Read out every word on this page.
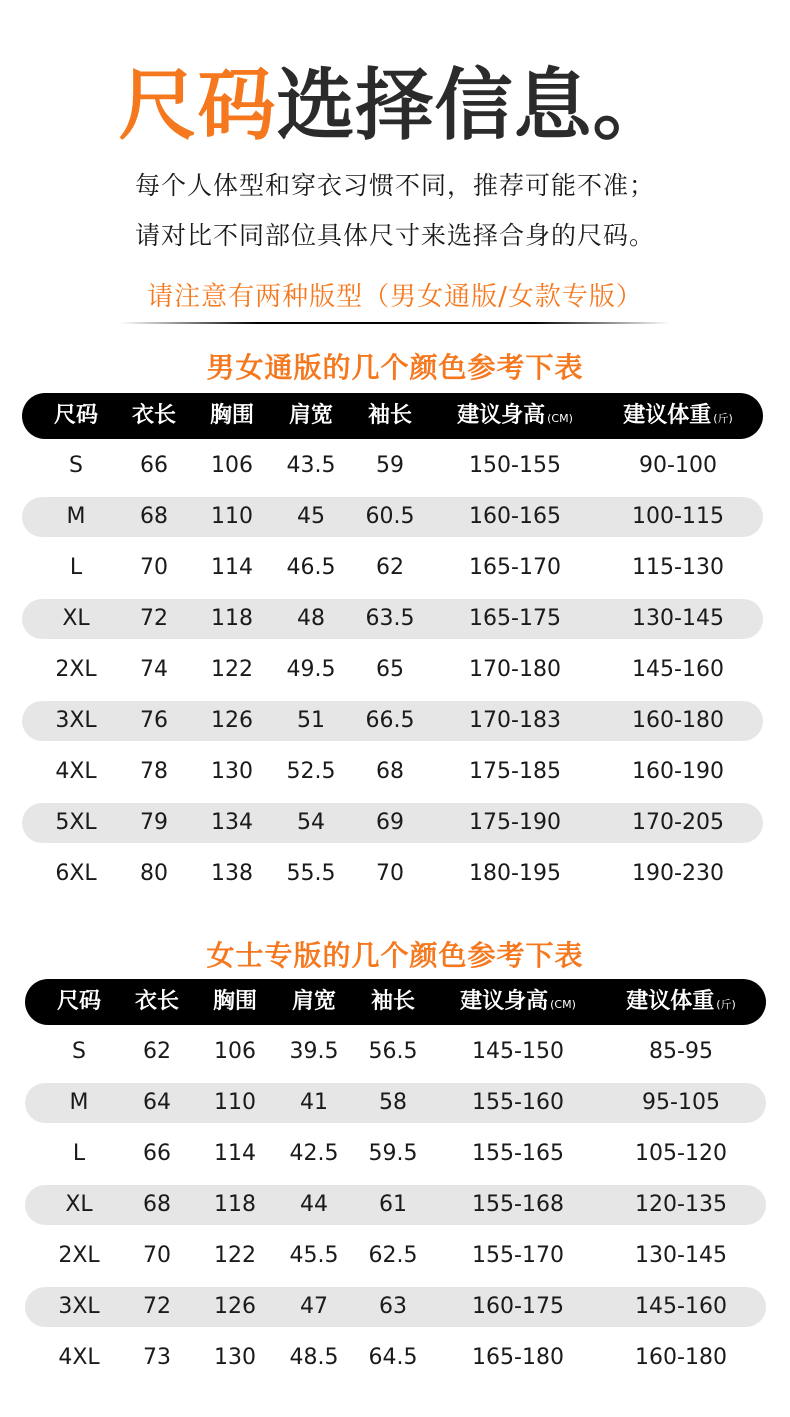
尺码选择信息。
每个人体型和穿衣习惯不同，推荐可能不准；
请对比不同部位具体尺寸来选择合身的尺码。
请注意有两种版型（男女通版/女款专版）
男女通版的几个颜色参考下表
尺码	衣长	胸围	肩宽	袖长	建议身高 (CM)	建议体重 (斤)
S	66	106	43.5	59	150-155	90-100
M	68	110	45	60.5	160-165	100-115
L	70	114	46.5	62	165-170	115-130
XL	72	118	48	63.5	165-175	130-145
2XL	74	122	49.5	65	170-180	145-160
3XL	76	126	51	66.5	170-183	160-180
4XL	78	130	52.5	68	175-185	160-190
5XL	79	134	54	69	175-190	170-205
6XL	80	138	55.5	70	180-195	190-230
女士专版的几个颜色参考下表
尺码	衣长	胸围	肩宽	袖长	建议身高 (CM)	建议体重 (斤)
S	62	106	39.5	56.5	145-150	85-95
M	64	110	41	58	155-160	95-105
L	66	114	42.5	59.5	155-165	105-120
XL	68	118	44	61	155-168	120-135
2XL	70	122	45.5	62.5	155-170	130-145
3XL	72	126	47	63	160-175	145-160
4XL	73	130	48.5	64.5	165-180	160-180
